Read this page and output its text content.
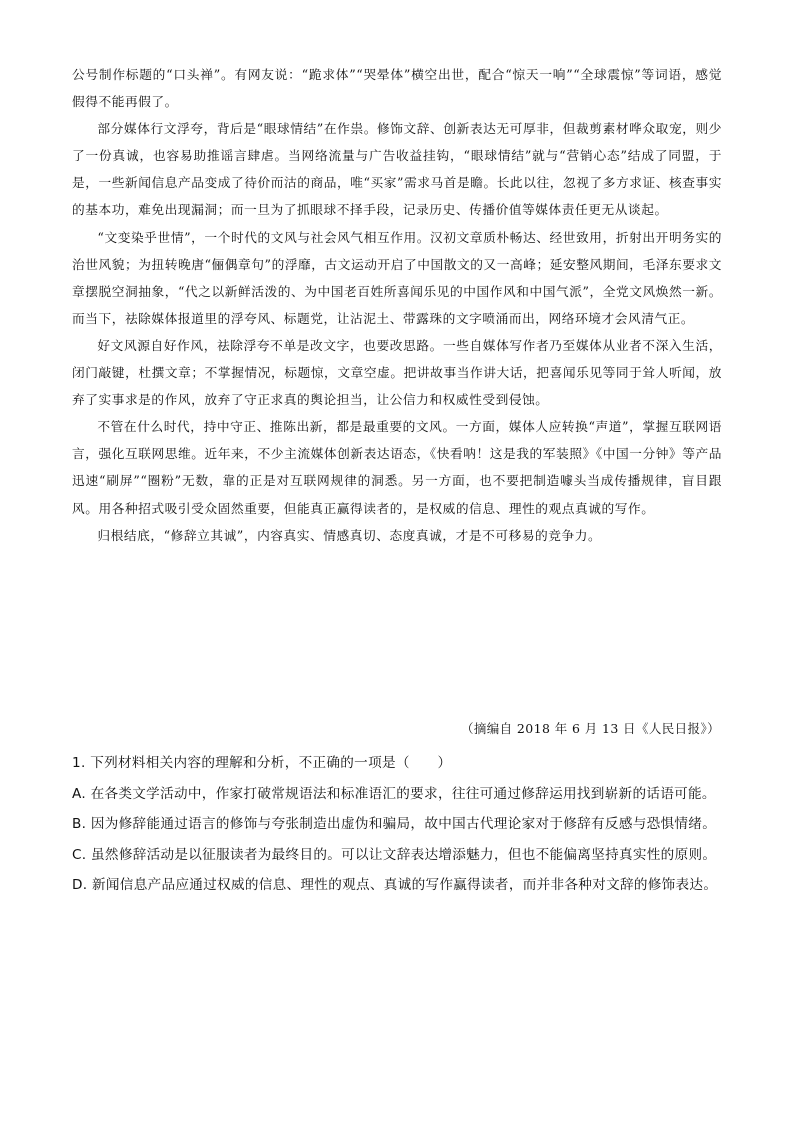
公号制作标题的“口头禅”。有网友说：“跪求体”“哭晕体”横空出世，配合“惊天一响”“全球震惊”等词语，感觉假得不能再假了。

部分媒体行文浮夸，背后是“眼球情结”在作祟。修饰文辞、创新表达无可厚非，但裁剪素材哗众取宠，则少了一份真诚，也容易助推谣言肆虐。当网络流量与广告收益挂钩，“眼球情结”就与“营销心态”结成了同盟，于是，一些新闻信息产品变成了待价而沽的商品，唯“买家”需求马首是瞻。长此以往，忽视了多方求证、核查事实的基本功，难免出现漏洞；而一旦为了抓眼球不择手段，记录历史、传播价值等媒体责任更无从谈起。

“文变染乎世情”，一个时代的文风与社会风气相互作用。汉初文章质朴畅达、经世致用，折射出开明务实的治世风貌；为扭转晚唐“俪偶章句”的浮靡，古文运动开启了中国散文的又一高峰；延安整风期间，毛泽东要求文章摆脱空洞抽象，“代之以新鲜活泼的、为中国老百姓所喜闻乐见的中国作风和中国气派”，全党文风焕然一新。而当下，祛除媒体报道里的浮夸风、标题党，让沾泥土、带露珠的文字喷涌而出，网络环境才会风清气正。

好文风源自好作风，祛除浮夸不单是改文字，也要改思路。一些自媒体写作者乃至媒体从业者不深入生活，闭门敲键，杜撰文章；不掌握情况，标题惊，文章空虚。把讲故事当作讲大话，把喜闻乐见等同于耸人听闻，放弃了实事求是的作风，放弃了守正求真的舆论担当，让公信力和权威性受到侵蚀。

不管在什么时代，持中守正、推陈出新，都是最重要的文风。一方面，媒体人应转换“声道”，掌握互联网语言，强化互联网思维。近年来，不少主流媒体创新表达语态，《快看呐！这是我的军装照》《中国一分钟》等产品迅速“刷屏”“圈粉”无数，靠的正是对互联网规律的洞悉。另一方面，也不要把制造噱头当成传播规律，盲目跟风。用各种招式吸引受众固然重要，但能真正赢得读者的，是权威的信息、理性的观点真诚的写作。

归根结底，“修辞立其诚”，内容真实、情感真切、态度真诚，才是不可移易的竞争力。

（摘编自 2018 年 6 月 13 日《人民日报》）
1. 下列材料相关内容的理解和分析，不正确的一项是（　　）
A. 在各类文学活动中，作家打破常规语法和标准语汇的要求，往往可通过修辞运用找到崭新的话语可能。
B. 因为修辞能通过语言的修饰与夸张制造出虚伪和骗局，故中国古代理论家对于修辞有反感与恐惧情绪。
C. 虽然修辞活动是以征服读者为最终目的。可以让文辞表达增添魅力，但也不能偏离坚持真实性的原则。
D. 新闻信息产品应通过权威的信息、理性的观点、真诚的写作赢得读者，而并非各种对文辞的修饰表达。
